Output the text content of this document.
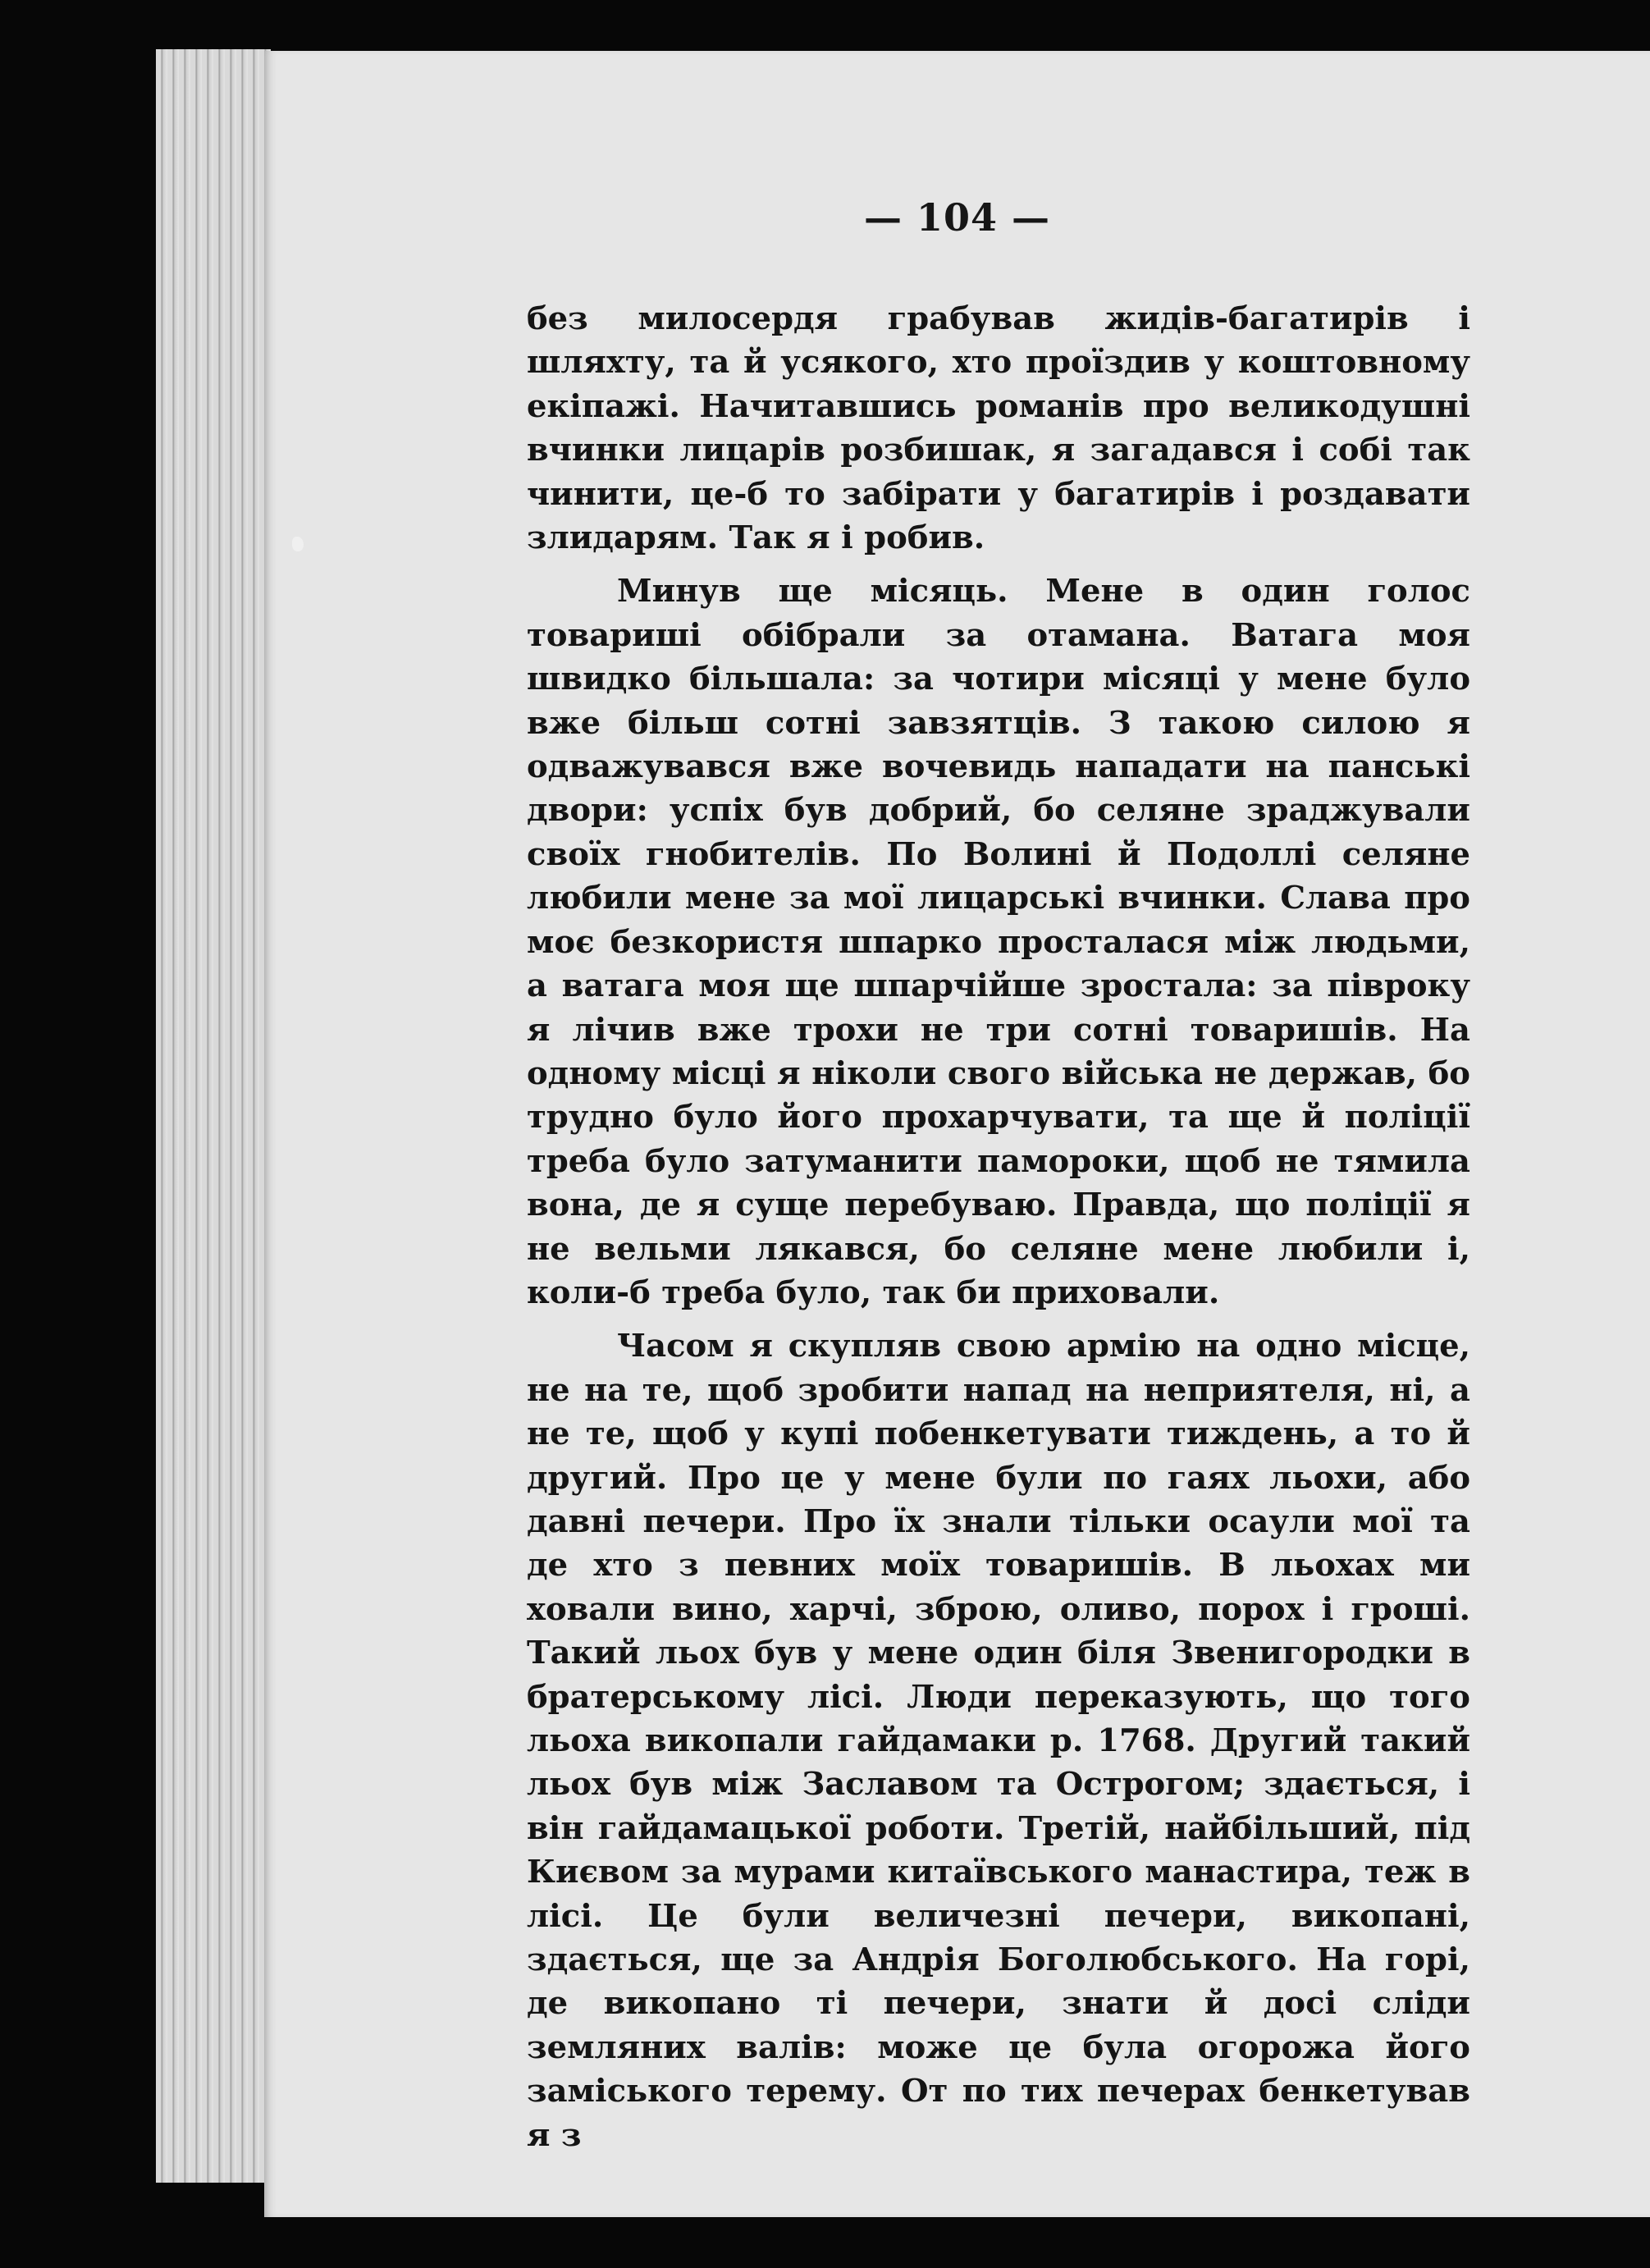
— 104 —

без милосердя грабував жидів-багатирів і шляхту, та й усякого, хто проїздив у коштовному екіпажі. Начитавшись романів про великодушні вчинки лицарів розбишак, я загадався і собі так чинити, це-б то забірати у багатирів і роздавати злидарям. Так я і робив.

Минув ще місяць. Мене в один голос товариші обібрали за отамана. Ватага моя швидко більшала: за чотири місяці у мене було вже більш сотні завзятців. З такою силою я одважувався вже вочевидь нападати на панські двори: успіх був добрий, бо селяне зраджували своїх гнобителів. По Волині й Подоллі селяне любили мене за мої лицарські вчинки. Слава про моє безкористя шпарко просталася між людьми, а ватага моя ще шпарчійше зростала: за півроку я лічив вже трохи не три сотні товаришів. На одному місці я ніколи свого війська не держав, бо трудно було його прохарчувати, та ще й поліції треба було затуманити памороки, щоб не тямила вона, де я суще перебуваю. Правда, що поліції я не вельми лякався, бо селяне мене любили і, коли-б треба було, так би приховали.

Часом я скупляв свою армію на одно місце, не на те, щоб зробити напад на неприятеля, ні, а не те, щоб у купі побенкетувати тиждень, а то й другий. Про це у мене були по гаях льохи, або давні печери. Про їх знали тільки осаули мої та де хто з певних моїх товаришів. В льохах ми ховали вино, харчі, зброю, оливо, порох і гроші. Такий льох був у мене один біля Звенигородки в братерському лісі. Люди переказують, що того льоха викопали гайдамаки р. 1768. Другий такий льох був між Заславом та Острогом; здається, і він гайдамацької роботи. Третій, найбільший, під Києвом за мурами китаївського манастира, теж в лісі. Це були величезні печери, викопані, здається, ще за Андрія Боголюбського. На горі, де викопано ті печери, знати й досі сліди земляних валів: може це була огорожа його заміського терему. От по тих печерах бенкетував я з
